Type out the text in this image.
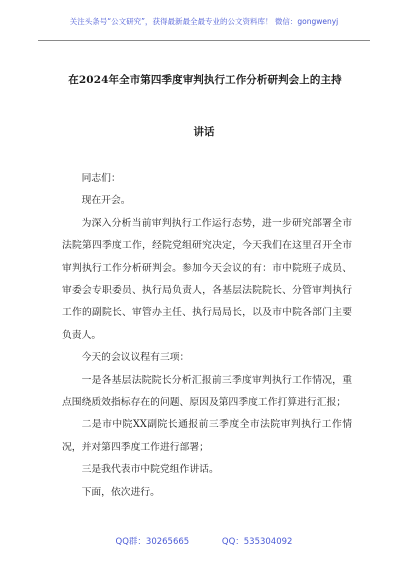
关注头条号“公文研究”，获得最新最全最专业的公文资料库！ 微信：gongwenyj
在2024年全市第四季度审判执行工作分析研判会上的主持
讲话

同志们：

现在开会。

为深入分析当前审判执行工作运行态势，进一步研究部署全市法院第四季度工作，经院党组研究决定，今天我们在这里召开全市审判执行工作分析研判会。参加今天会议的有：市中院班子成员、审委会专职委员、执行局负责人，各基层法院院长、分管审判执行工作的副院长、审管办主任、执行局局长，以及市中院各部门主要负责人。

今天的会议议程有三项：

一是各基层法院院长分析汇报前三季度审判执行工作情况，重点围绕质效指标存在的问题、原因及第四季度工作打算进行汇报；

二是市中院XX副院长通报前三季度全市法院审判执行工作情况，并对第四季度工作进行部署；

三是我代表市中院党组作讲话。

下面，依次进行。

QQ群：30265665	QQ：535304092
